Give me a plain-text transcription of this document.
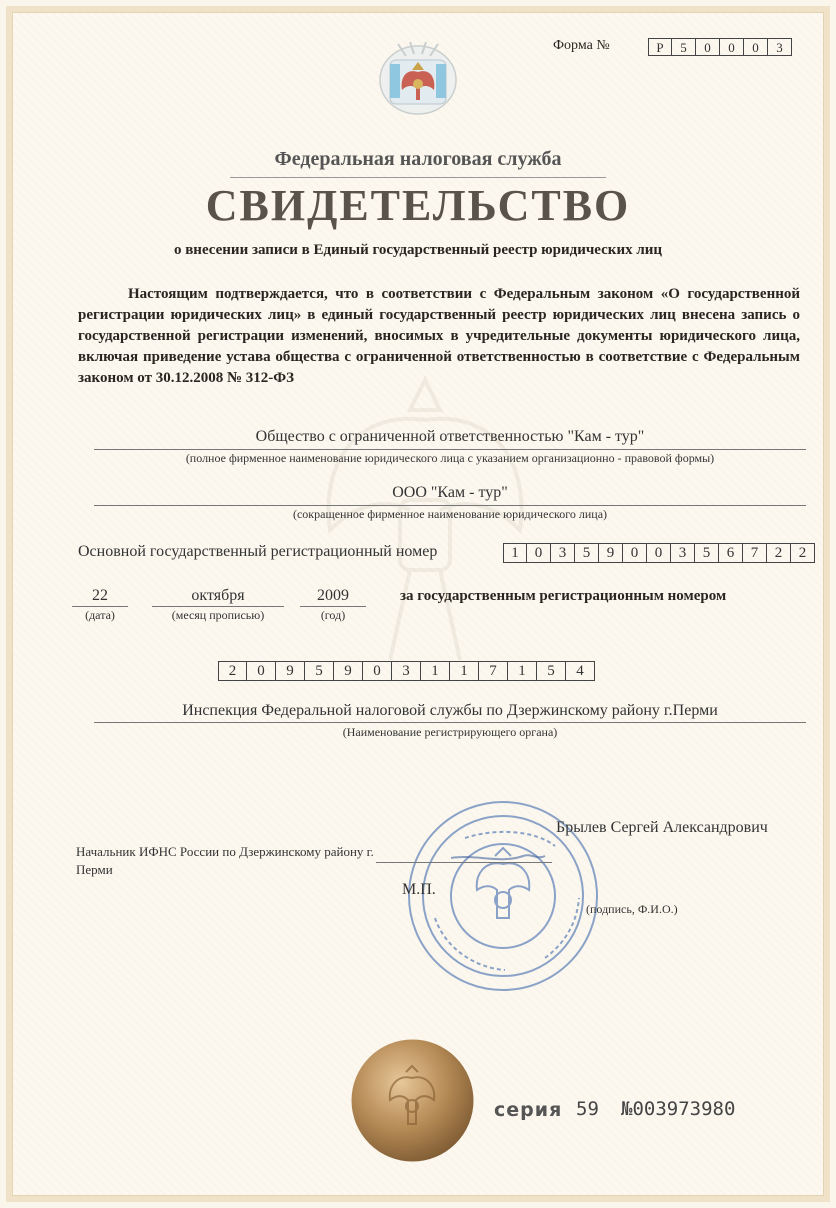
Форма №	Р	5	0	0	0	3
Федеральная налоговая служба
СВИДЕТЕЛЬСТВО
о внесении записи в Единый государственный реестр юридических лиц

Настоящим подтверждается, что в соответствии с Федеральным законом «О государственной регистрации юридических лиц» в единый государственный реестр юридических лиц внесена запись о государственной регистрации изменений, вносимых в учредительные документы юридического лица, включая приведение устава общества с ограниченной ответственностью в соответствие с Федеральным законом от 30.12.2008 № 312-ФЗ

Общество с ограниченной ответственностью "Кам - тур"
(полное фирменное наименование юридического лица с указанием организационно - правовой формы)
ООО "Кам - тур"
(сокращенное фирменное наименование юридического лица)
Основной государственный регистрационный номер	1	0	3	5	9	0	0	3	5	6	7	2	2
22
(дата)
октября
(месяц прописью)
2009
(год)
за государственным регистрационным номером
2	0	9	5	9	0	3	1	1	7	1	5	4
Инспекция Федеральной налоговой службы по Дзержинскому району г.Перми
(Наименование регистрирующего органа)
Начальник ИФНС России по Дзержинскому району г. Перми
Брылев Сергей Александрович
М.П.
(подпись, Ф.И.О.)
серия 59 №003973980
